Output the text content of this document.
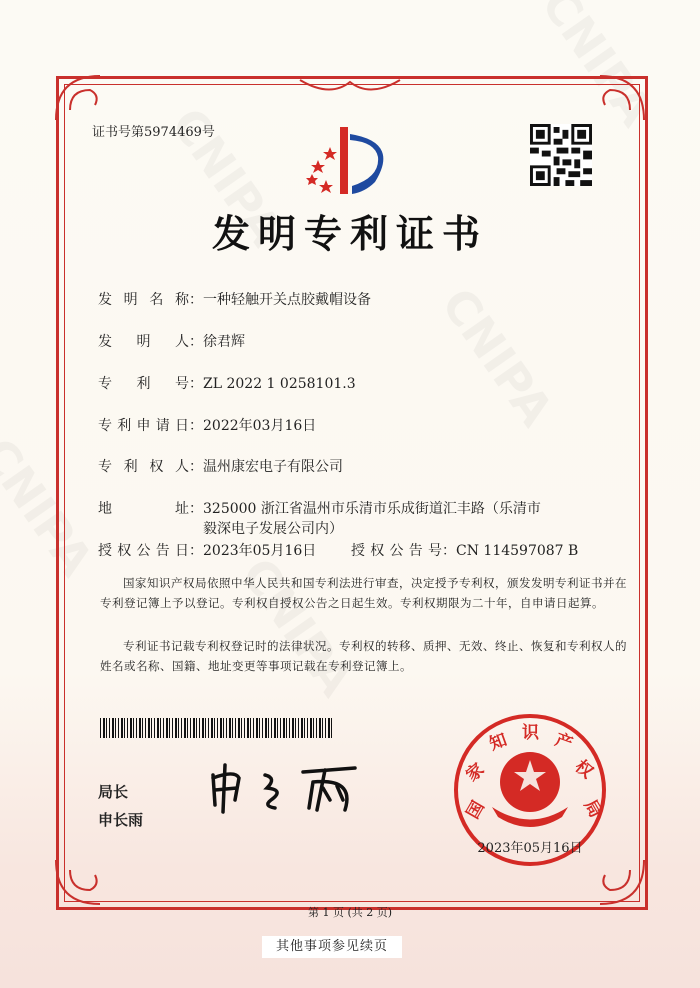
证书号第5974469号
发明专利证书
发明名称 ： 一种轻触开关点胶戴帽设备
发明人 ： 徐君辉
专利号 ： ZL 2022 1 0258101.3
专利申请日 ： 2022年03月16日
专利权人 ： 温州康宏电子有限公司
地址 ： 325000 浙江省温州市乐清市乐成街道汇丰路（乐清市
毅深电子发展公司内）
授权公告日 ： 2023年05月16日 授权公告号 ： CN 114597087 B
国家知识产权局依照中华人民共和国专利法进行审查，决定授予专利权，颁发发明专利证书并在专利登记簿上予以登记。专利权自授权公告之日起生效。专利权期限为二十年，自申请日起算。
专利证书记载专利权登记时的法律状况。专利权的转移、质押、无效、终止、恢复和专利权人的姓名或名称、国籍、地址变更等事项记载在专利登记簿上。
局长
申长雨	国
家
知 识 产
权
局
2023年05月16日
第 1 页 (共 2 页)
其他事项参见续页
